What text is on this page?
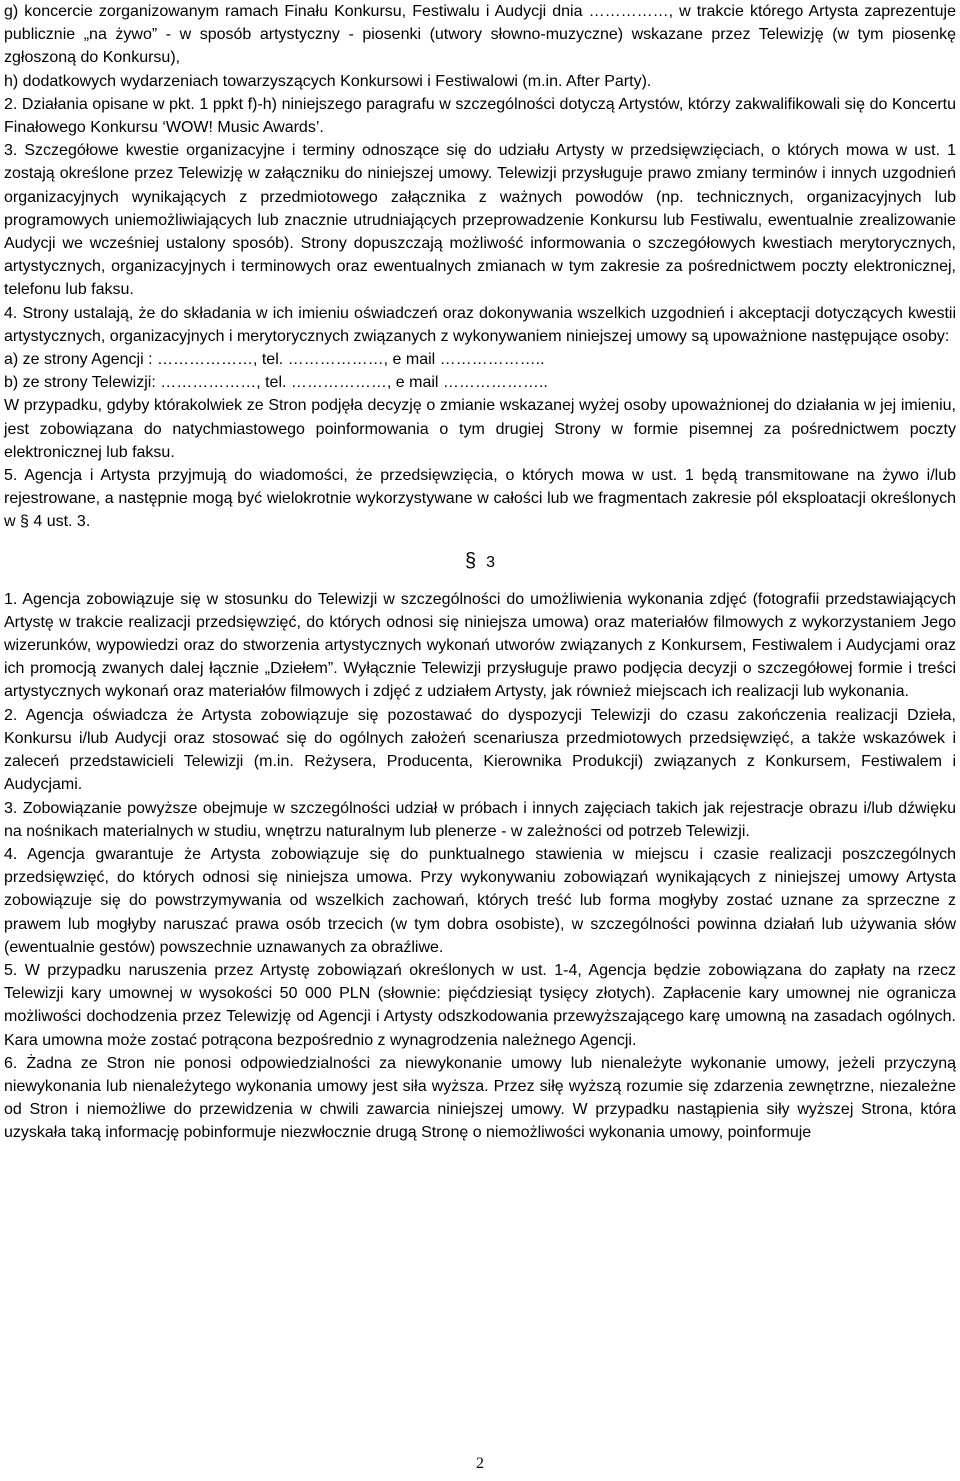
g) koncercie zorganizowanym ramach Finału Konkursu, Festiwalu i Audycji dnia ……………, w trakcie którego Artysta zaprezentuje publicznie „na żywo” - w sposób artystyczny - piosenki (utwory słowno-muzyczne) wskazane przez Telewizję (w tym piosenkę zgłoszoną do Konkursu),

h) dodatkowych wydarzeniach towarzyszących Konkursowi i Festiwalowi (m.in. After Party).

2. Działania opisane w pkt. 1 ppkt f)-h) niniejszego paragrafu w szczególności dotyczą Artystów, którzy zakwalifikowali się do Koncertu Finałowego Konkursu ‘WOW! Music Awards’.

3. Szczegółowe kwestie organizacyjne i terminy odnoszące się do udziału Artysty w przedsięwzięciach, o których mowa w ust. 1 zostają określone przez Telewizję w załączniku do niniejszej umowy. Telewizji przysługuje prawo zmiany terminów i innych uzgodnień organizacyjnych wynikających z przedmiotowego załącznika z ważnych powodów (np. technicznych, organizacyjnych lub programowych uniemożliwiających lub znacznie utrudniających przeprowadzenie Konkursu lub Festiwalu, ewentualnie zrealizowanie Audycji we wcześniej ustalony sposób). Strony dopuszczają możliwość informowania o szczegółowych kwestiach merytorycznych, artystycznych, organizacyjnych i terminowych oraz ewentualnych zmianach w tym zakresie za pośrednictwem poczty elektronicznej, telefonu lub faksu.

4. Strony ustalają, że do składania w ich imieniu oświadczeń oraz dokonywania wszelkich uzgodnień i akceptacji dotyczących kwestii artystycznych, organizacyjnych i merytorycznych związanych z wykonywaniem niniejszej umowy są upoważnione następujące osoby:

a) ze strony Agencji : ………………, tel. ………………, e mail ………………..

b) ze strony Telewizji: ………………, tel. ………………, e mail ………………..

W przypadku, gdyby którakolwiek ze Stron podjęła decyzję o zmianie wskazanej wyżej osoby upoważnionej do działania w jej imieniu, jest zobowiązana do natychmiastowego poinformowania o tym drugiej Strony w formie pisemnej za pośrednictwem poczty elektronicznej lub faksu.

5. Agencja i Artysta przyjmują do wiadomości, że przedsięwzięcia, o których mowa w ust. 1 będą transmitowane na żywo i/lub rejestrowane, a następnie mogą być wielokrotnie wykorzystywane w całości lub we fragmentach zakresie pól eksploatacji określonych w § 4 ust. 3.

§ 3

1. Agencja zobowiązuje się w stosunku do Telewizji w szczególności do umożliwienia wykonania zdjęć (fotografii przedstawiających Artystę w trakcie realizacji przedsięwzięć, do których odnosi się niniejsza umowa) oraz materiałów filmowych z wykorzystaniem Jego wizerunków, wypowiedzi oraz do stworzenia artystycznych wykonań utworów związanych z Konkursem, Festiwalem i Audycjami oraz ich promocją zwanych dalej łącznie „Dziełem”. Wyłącznie Telewizji przysługuje prawo podjęcia decyzji o szczegółowej formie i treści artystycznych wykonań oraz materiałów filmowych i zdjęć z udziałem Artysty, jak również miejscach ich realizacji lub wykonania.

2. Agencja oświadcza że Artysta zobowiązuje się pozostawać do dyspozycji Telewizji do czasu zakończenia realizacji Dzieła, Konkursu i/lub Audycji oraz stosować się do ogólnych założeń scenariusza przedmiotowych przedsięwzięć, a także wskazówek i zaleceń przedstawicieli Telewizji (m.in. Reżysera, Producenta, Kierownika Produkcji) związanych z Konkursem, Festiwalem i Audycjami.

3. Zobowiązanie powyższe obejmuje w szczególności udział w próbach i innych zajęciach takich jak rejestracje obrazu i/lub dźwięku na nośnikach materialnych w studiu, wnętrzu naturalnym lub plenerze - w zależności od potrzeb Telewizji.

4. Agencja gwarantuje że Artysta zobowiązuje się do punktualnego stawienia w miejscu i czasie realizacji poszczególnych przedsięwzięć, do których odnosi się niniejsza umowa. Przy wykonywaniu zobowiązań wynikających z niniejszej umowy Artysta zobowiązuje się do powstrzymywania od wszelkich zachowań, których treść lub forma mogłyby zostać uznane za sprzeczne z prawem lub mogłyby naruszać prawa osób trzecich (w tym dobra osobiste), w szczególności powinna działań lub używania słów (ewentualnie gestów) powszechnie uznawanych za obraźliwe.

5. W przypadku naruszenia przez Artystę zobowiązań określonych w ust. 1-4, Agencja będzie zobowiązana do zapłaty na rzecz Telewizji kary umownej w wysokości 50 000 PLN (słownie: pięćdziesiąt tysięcy złotych). Zapłacenie kary umownej nie ogranicza możliwości dochodzenia przez Telewizję od Agencji i Artysty odszkodowania przewyższającego karę umowną na zasadach ogólnych. Kara umowna może zostać potrącona bezpośrednio z wynagrodzenia należnego Agencji.

6. Żadna ze Stron nie ponosi odpowiedzialności za niewykonanie umowy lub nienależyte wykonanie umowy, jeżeli przyczyną niewykonania lub nienależytego wykonania umowy jest siła wyższa. Przez siłę wyższą rozumie się zdarzenia zewnętrzne, niezależne od Stron i niemożliwe do przewidzenia w chwili zawarcia niniejszej umowy. W przypadku nastąpienia siły wyższej Strona, która uzyskała taką informację pobinformuje niezwłocznie drugą Stronę o niemożliwości wykonania umowy, poinformuje

2
